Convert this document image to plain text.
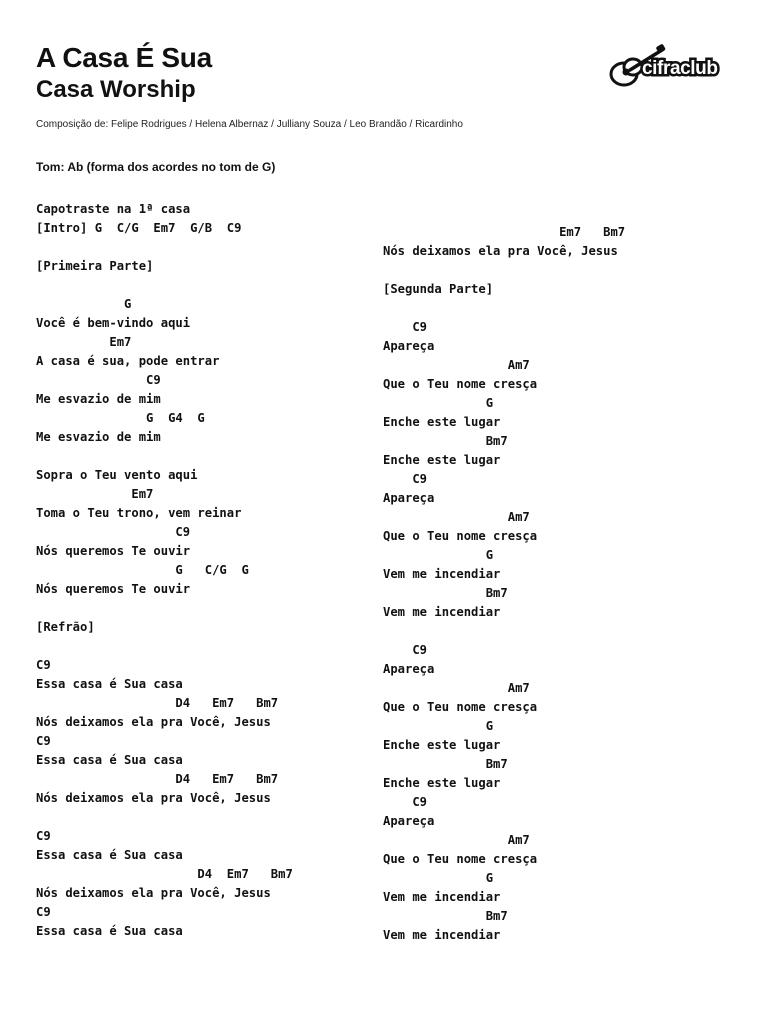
A Casa É Sua
Casa Worship
cifraclub
Composição de: Felipe Rodrigues / Helena Albernaz / Julliany Souza / Leo Brandão / Ricardinho
Tom: Ab (forma dos acordes no tom de G)
Capotraste na 1ª casa
[Intro] G  C/G  Em7  G/B  C9
[Primeira Parte]
G
Você é bem-vindo aqui
Em7
A casa é sua, pode entrar
C9
Me esvazio de mim
G  G4  G
Me esvazio de mim
Sopra o Teu vento aqui
Em7
Toma o Teu trono, vem reinar
C9
Nós queremos Te ouvir
G   C/G  G
Nós queremos Te ouvir
[Refrão]
C9
Essa casa é Sua casa
D4   Em7   Bm7
Nós deixamos ela pra Você, Jesus
C9
Essa casa é Sua casa
D4   Em7   Bm7
Nós deixamos ela pra Você, Jesus
C9
Essa casa é Sua casa
D4  Em7   Bm7
Nós deixamos ela pra Você, Jesus
C9
Essa casa é Sua casa
Em7   Bm7
Nós deixamos ela pra Você, Jesus
[Segunda Parte]
C9
Apareça
Am7
Que o Teu nome cresça
G
Enche este lugar
Bm7
Enche este lugar
C9
Apareça
Am7
Que o Teu nome cresça
G
Vem me incendiar
Bm7
Vem me incendiar
C9
Apareça
Am7
Que o Teu nome cresça
G
Enche este lugar
Bm7
Enche este lugar
C9
Apareça
Am7
Que o Teu nome cresça
G
Vem me incendiar
Bm7
Vem me incendiar
